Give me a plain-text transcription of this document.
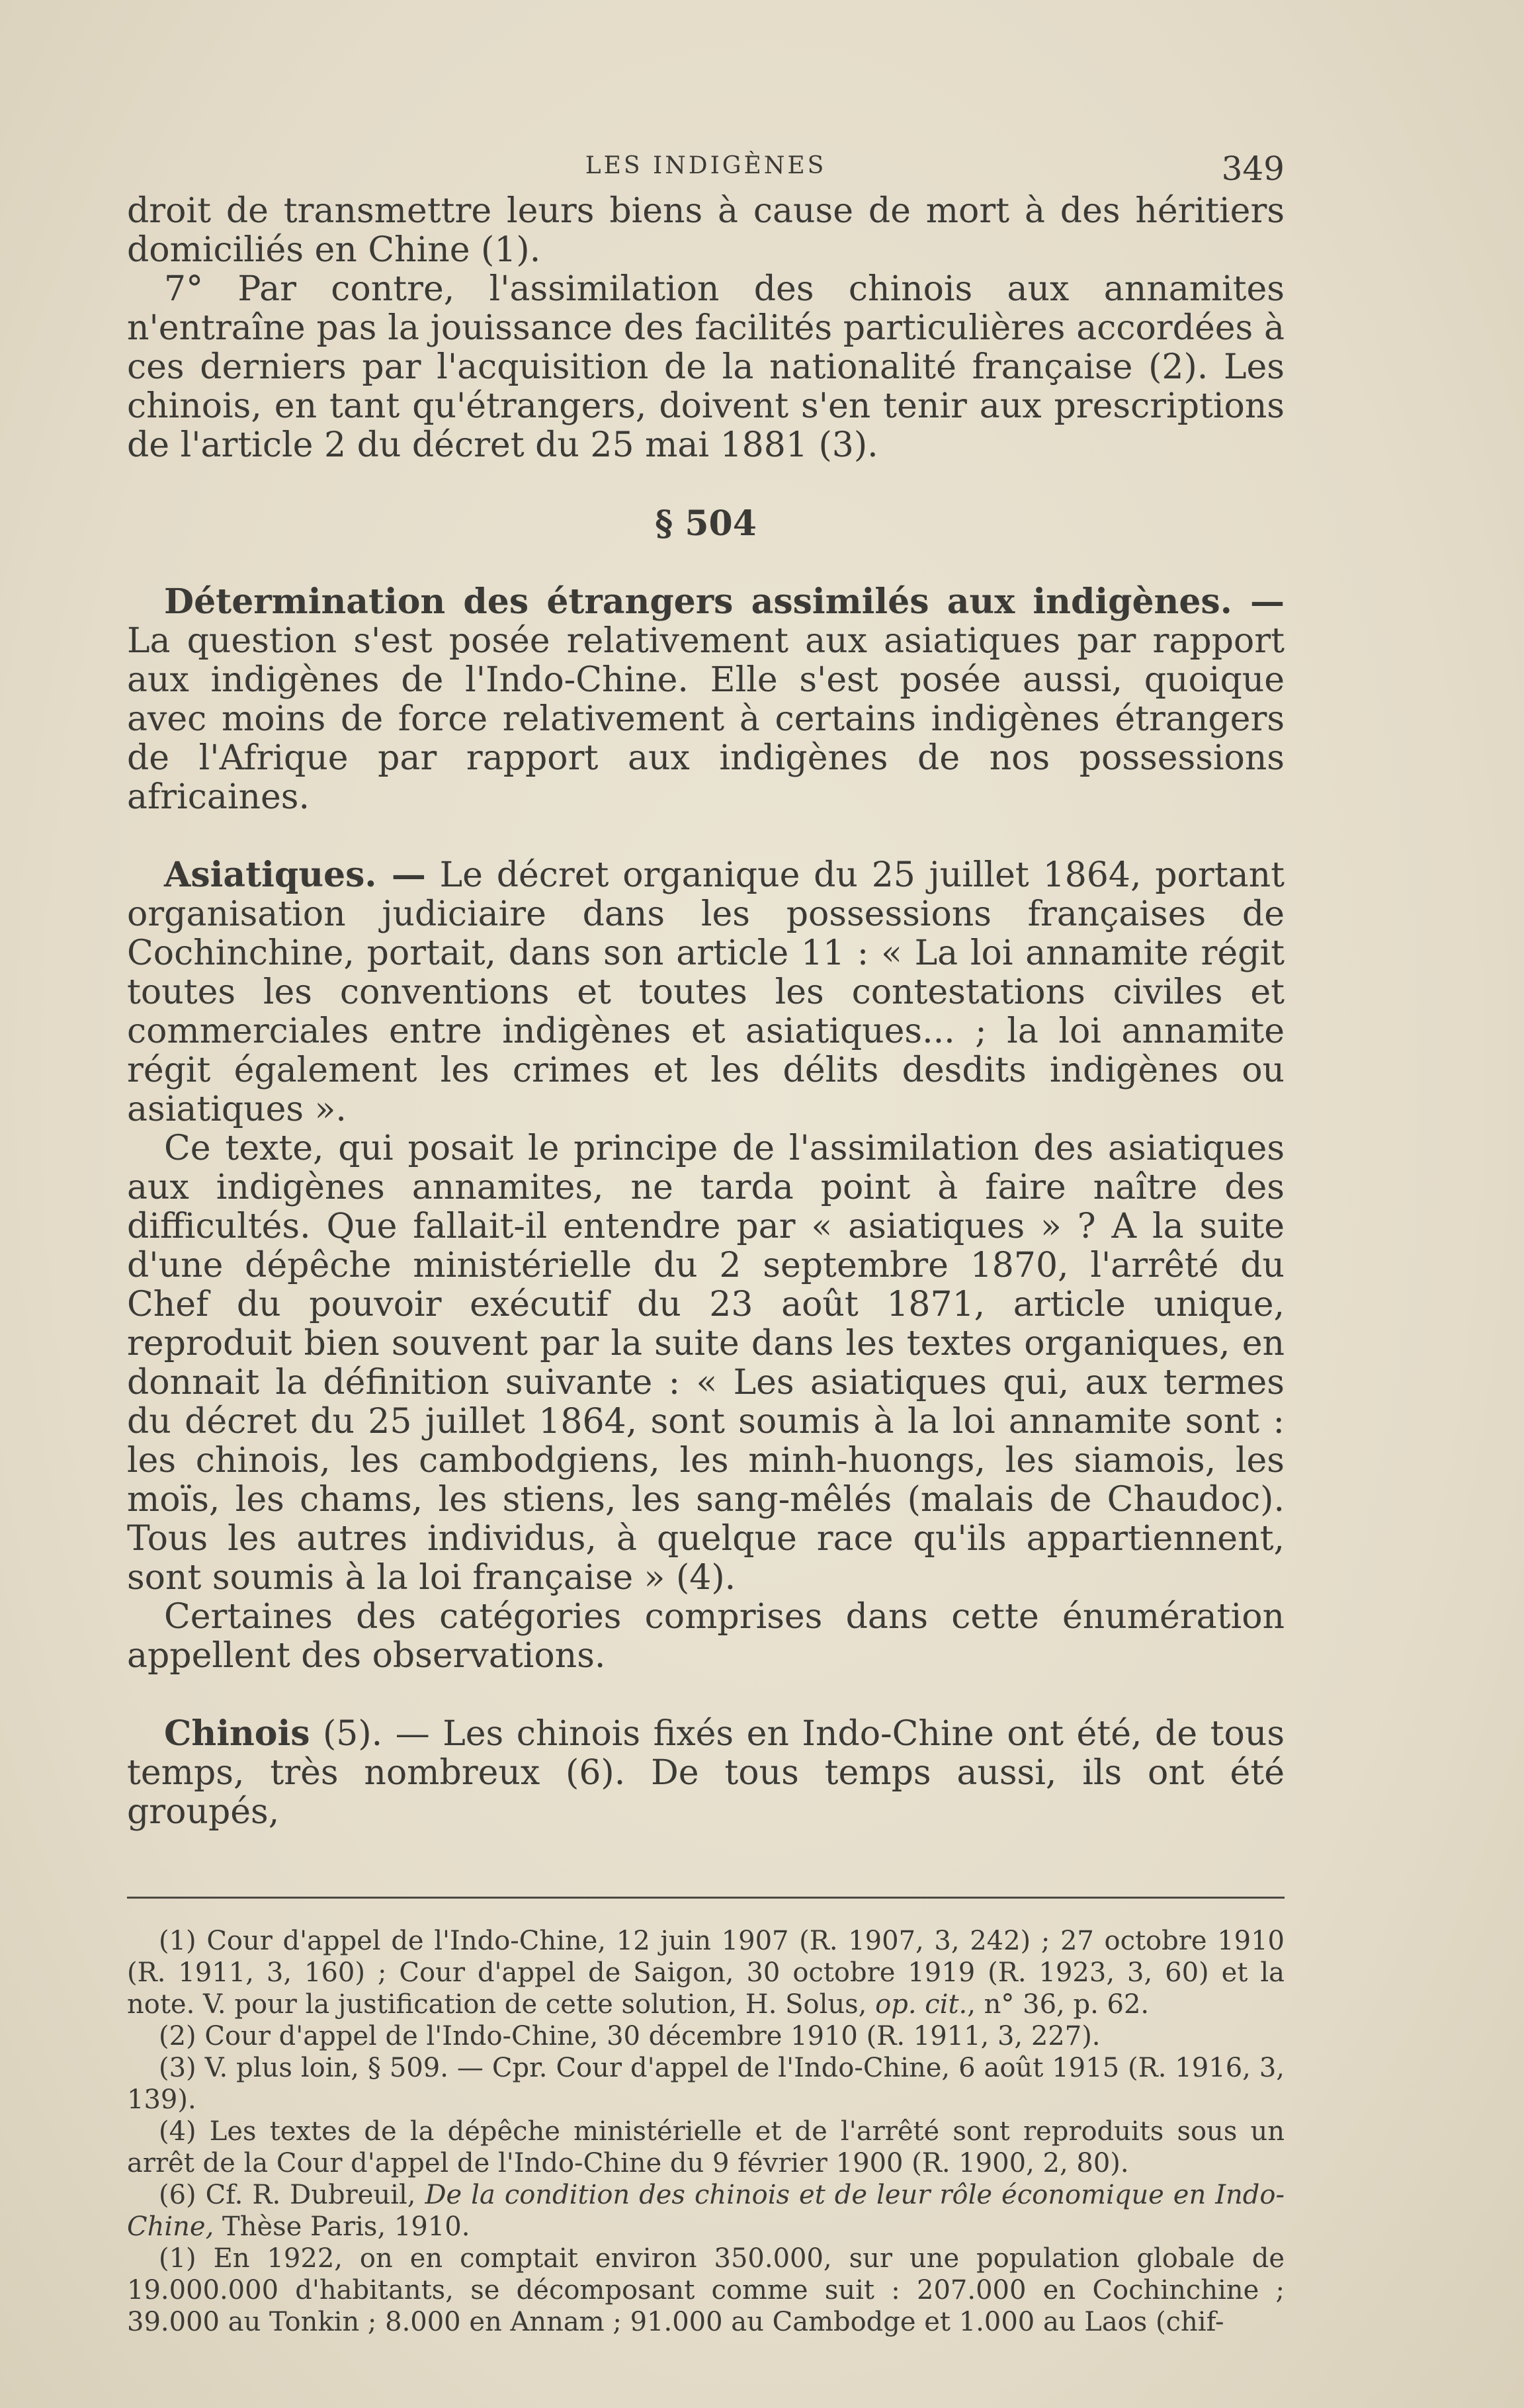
LES INDIGÈNES	349

droit de transmettre leurs biens à cause de mort à des héritiers domiciliés en Chine (1).

7° Par contre, l'assimilation des chinois aux annamites n'entraîne pas la jouissance des facilités particulières accordées à ces derniers par l'acquisition de la nationalité française (2). Les chinois, en tant qu'étrangers, doivent s'en tenir aux prescriptions de l'article 2 du décret du 25 mai 1881 (3).

§ 504

Détermination des étrangers assimilés aux indigènes. — La question s'est posée relativement aux asiatiques par rapport aux indigènes de l'Indo-Chine. Elle s'est posée aussi, quoique avec moins de force relativement à certains indigènes étrangers de l'Afrique par rapport aux indigènes de nos possessions africaines.

Asiatiques. — Le décret organique du 25 juillet 1864, portant organisation judiciaire dans les possessions françaises de Cochinchine, portait, dans son article 11 : « La loi annamite régit toutes les conventions et toutes les contestations civiles et commerciales entre indigènes et asiatiques... ; la loi annamite régit également les crimes et les délits desdits indigènes ou asiatiques ».

Ce texte, qui posait le principe de l'assimilation des asiatiques aux indigènes annamites, ne tarda point à faire naître des difficultés. Que fallait-il entendre par « asiatiques » ? A la suite d'une dépêche ministérielle du 2 septembre 1870, l'arrêté du Chef du pouvoir exécutif du 23 août 1871, article unique, reproduit bien souvent par la suite dans les textes organiques, en donnait la définition suivante : « Les asiatiques qui, aux termes du décret du 25 juillet 1864, sont soumis à la loi annamite sont : les chinois, les cambodgiens, les minh-huongs, les siamois, les moïs, les chams, les stiens, les sang-mêlés (malais de Chaudoc). Tous les autres individus, à quelque race qu'ils appartiennent, sont soumis à la loi française » (4).

Certaines des catégories comprises dans cette énumération appellent des observations.

Chinois (5). — Les chinois fixés en Indo-Chine ont été, de tous temps, très nombreux (6). De tous temps aussi, ils ont été groupés,

(1) Cour d'appel de l'Indo-Chine, 12 juin 1907 (R. 1907, 3, 242) ; 27 octobre 1910 (R. 1911, 3, 160) ; Cour d'appel de Saigon, 30 octobre 1919 (R. 1923, 3, 60) et la note. V. pour la justification de cette solution, H. Solus, op. cit., n° 36, p. 62.

(2) Cour d'appel de l'Indo-Chine, 30 décembre 1910 (R. 1911, 3, 227).

(3) V. plus loin, § 509. — Cpr. Cour d'appel de l'Indo-Chine, 6 août 1915 (R. 1916, 3, 139).

(4) Les textes de la dépêche ministérielle et de l'arrêté sont reproduits sous un arrêt de la Cour d'appel de l'Indo-Chine du 9 février 1900 (R. 1900, 2, 80).

(6) Cf. R. Dubreuil, De la condition des chinois et de leur rôle économique en Indo-Chine, Thèse Paris, 1910.

(1) En 1922, on en comptait environ 350.000, sur une population globale de 19.000.000 d'habitants, se décomposant comme suit : 207.000 en Cochinchine ; 39.000 au Tonkin ; 8.000 en Annam ; 91.000 au Cambodge et 1.000 au Laos (chif-
